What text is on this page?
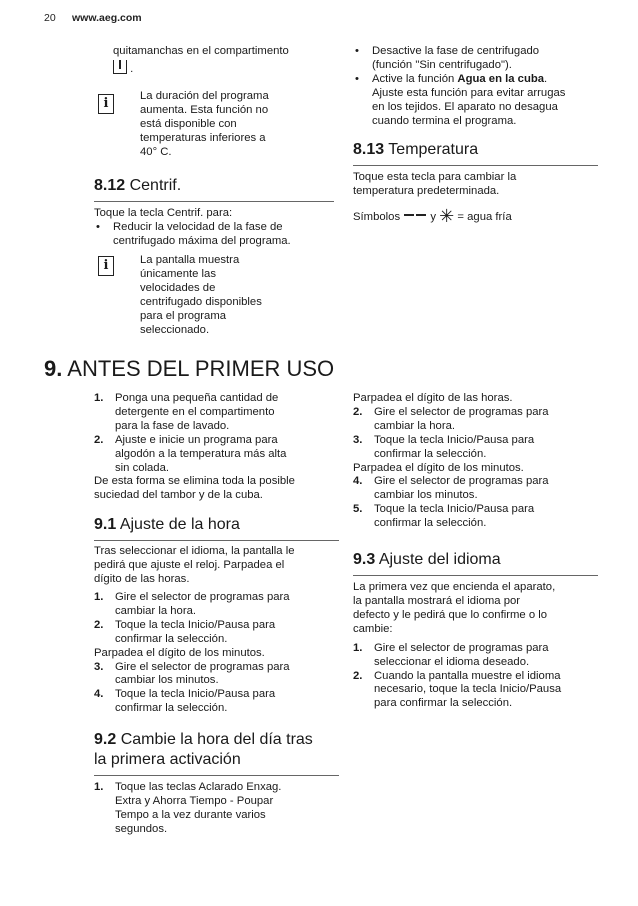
20 www.aeg.com

quitamanchas en el compartimento

.

i	La duración del programa

aumenta. Esta función no

está disponible con

temperaturas inferiores a

40° C.

8.12 Centrif.

Toque la tecla Centrif. para:

• Reducir la velocidad de la fase de
centrifugado máxima del programa.
i	La pantalla muestra

únicamente las

velocidades de

centrifugado disponibles

para el programa

seleccionado.

• Desactive la fase de centrifugado
(función "Sin centrifugado").
• Active la función Agua en la cuba.
Ajuste esta función para evitar arrugas
en los tejidos. El aparato no desagua
cuando termina el programa.

8.13 Temperatura

Toque esta tecla para cambiar la

temperatura predeterminada.

Símbolos	y ✳ = agua fría

9. ANTES DEL PRIMER USO

1. Ponga una pequeña cantidad de
detergente en el compartimento
para la fase de lavado.
2. Ajuste e inicie un programa para
algodón a la temperatura más alta
sin colada.

De esta forma se elimina toda la posible

suciedad del tambor y de la cuba.

9.1 Ajuste de la hora

Tras seleccionar el idioma, la pantalla le

pedirá que ajuste el reloj. Parpadea el

dígito de las horas.

1. Gire el selector de programas para
cambiar la hora.
2. Toque la tecla Inicio/Pausa para
confirmar la selección.

Parpadea el dígito de los minutos.

3. Gire el selector de programas para
cambiar los minutos.
4. Toque la tecla Inicio/Pausa para
confirmar la selección.

9.2 Cambie la hora del día tras
la primera activación

1. Toque las teclas Aclarado Enxag.
Extra y Ahorra Tiempo - Poupar
Tempo a la vez durante varios
segundos.

Parpadea el dígito de las horas.

2. Gire el selector de programas para
cambiar la hora.
3. Toque la tecla Inicio/Pausa para
confirmar la selección.

Parpadea el dígito de los minutos.

4. Gire el selector de programas para
cambiar los minutos.
5. Toque la tecla Inicio/Pausa para
confirmar la selección.

9.3 Ajuste del idioma

La primera vez que encienda el aparato,

la pantalla mostrará el idioma por

defecto y le pedirá que lo confirme o lo

cambie:

1. Gire el selector de programas para
seleccionar el idioma deseado.
2. Cuando la pantalla muestre el idioma
necesario, toque la tecla Inicio/Pausa
para confirmar la selección.
